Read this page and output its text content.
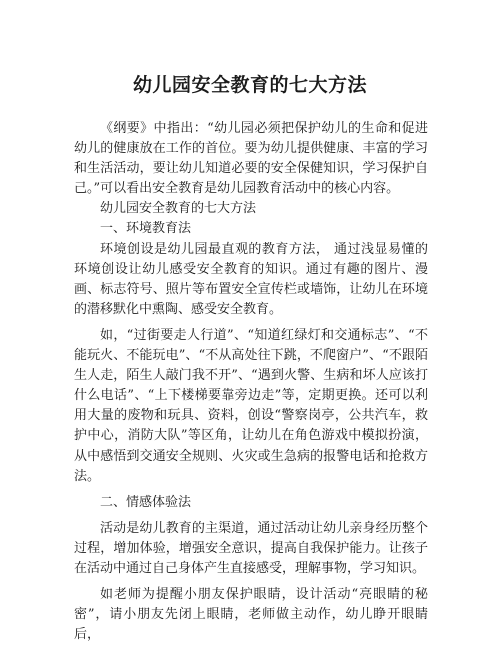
幼儿园安全教育的七大方法

《纲要》中指出：“幼儿园必须把保护幼儿的生命和促进幼儿的健康放在工作的首位。要为幼儿提供健康、丰富的学习和生活活动，要让幼儿知道必要的安全保健知识，学习保护自己。”可以看出安全教育是幼儿园教育活动中的核心内容。

幼儿园安全教育的七大方法

一、环境教育法

环境创设是幼儿园最直观的教育方法， 通过浅显易懂的环境创设让幼儿感受安全教育的知识。通过有趣的图片、漫画、标志符号、照片等布置安全宣传栏或墙饰，让幼儿在环境的潜移默化中熏陶、感受安全教育。

如，“过街要走人行道”、“知道红绿灯和交通标志”、“不能玩火、不能玩电”、“不从高处往下跳，不爬窗户”、“不跟陌生人走，陌生人敲门我不开”、“遇到火警、生病和坏人应该打什么电话”、“上下楼梯要靠旁边走”等，定期更换。还可以利用大量的废物和玩具、资料，创设“警察岗亭，公共汽车，救护中心，消防大队”等区角，让幼儿在角色游戏中模拟扮演，从中感悟到交通安全规则、火灾或生急病的报警电话和抢救方法。

二、情感体验法

活动是幼儿教育的主渠道，通过活动让幼儿亲身经历整个过程，增加体验，增强安全意识，提高自我保护能力。让孩子在活动中通过自己身体产生直接感受，理解事物，学习知识。

如老师为提醒小朋友保护眼睛，设计活动“亮眼睛的秘密”，请小朋友先闭上眼睛，老师做主动作，幼儿睁开眼睛后，
